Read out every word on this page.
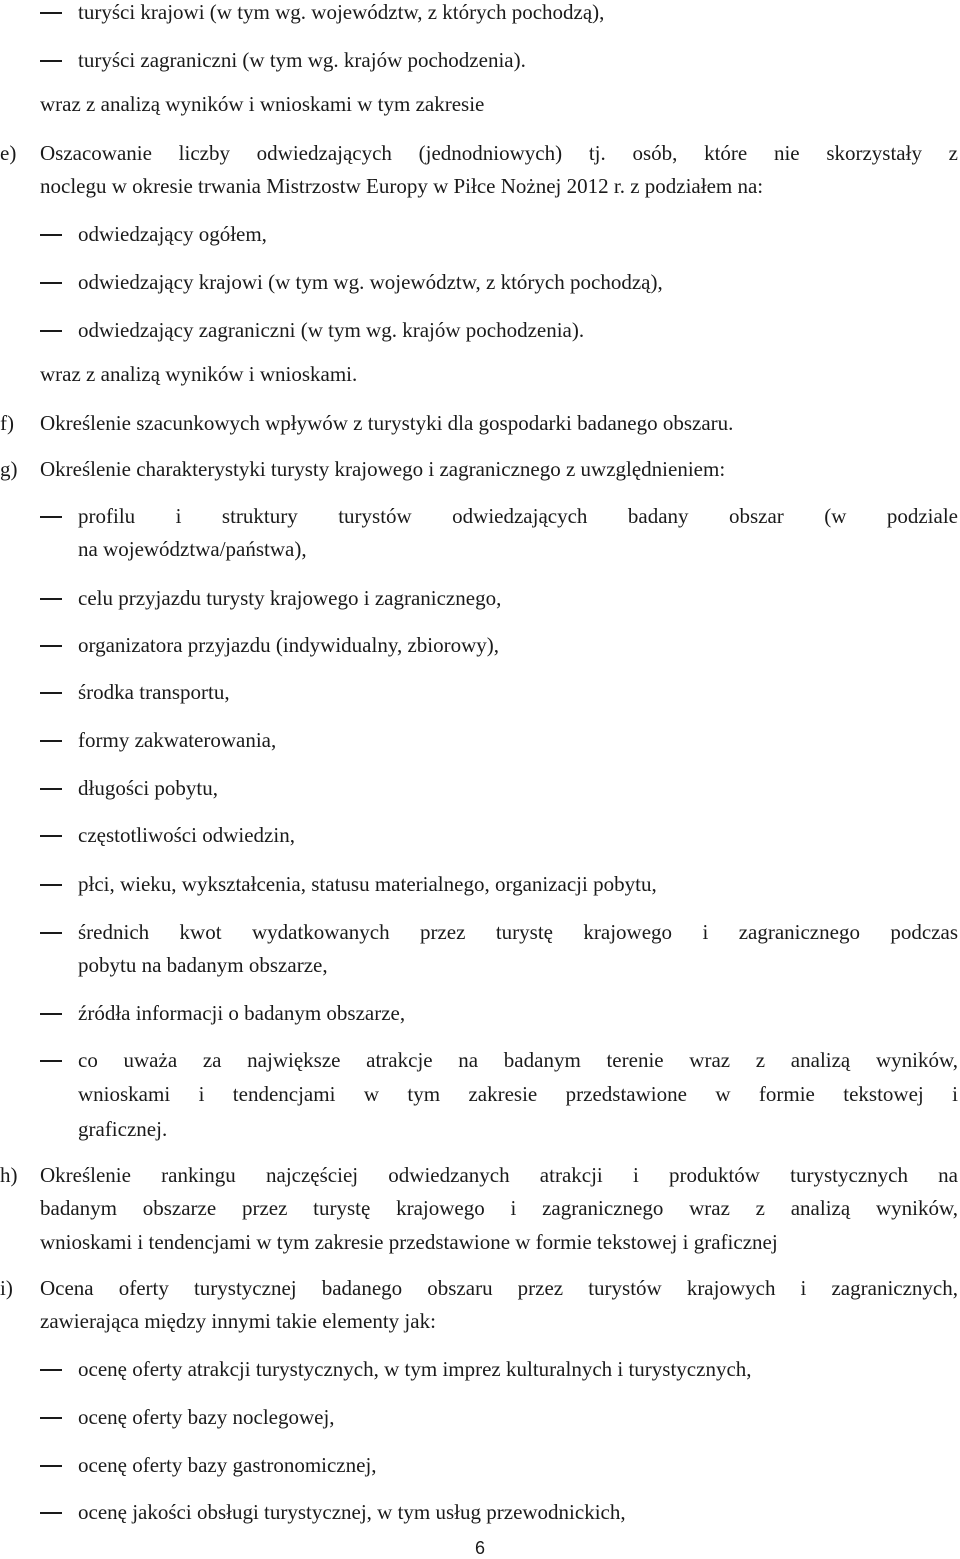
turyści krajowi (w tym wg. województw, z których pochodzą),
turyści zagraniczni (w tym wg. krajów pochodzenia).
wraz z analizą wyników i wnioskami w tym zakresie
e)	Oszacowanie liczby odwiedzających (jednodniowych) tj. osób, które nie skorzystały z
noclegu w okresie trwania Mistrzostw Europy w Piłce Nożnej 2012 r. z podziałem na:
odwiedzający ogółem,
odwiedzający krajowi (w tym wg. województw, z których pochodzą),
odwiedzający zagraniczni (w tym wg. krajów pochodzenia).
wraz z analizą wyników i wnioskami.
f)	Określenie szacunkowych wpływów z turystyki dla gospodarki badanego obszaru.
g)	Określenie charakterystyki turysty krajowego i zagranicznego z uwzględnieniem:
profilu i struktury turystów odwiedzających badany obszar (w podziale
na województwa/państwa),
celu przyjazdu turysty krajowego i zagranicznego,
organizatora przyjazdu (indywidualny, zbiorowy),
środka transportu,
formy zakwaterowania,
długości pobytu,
częstotliwości odwiedzin,
płci, wieku, wykształcenia, statusu materialnego, organizacji pobytu,
średnich kwot wydatkowanych przez turystę krajowego i zagranicznego podczas
pobytu na badanym obszarze,
źródła informacji o badanym obszarze,
co uważa za największe atrakcje na badanym terenie wraz z analizą wyników,
wnioskami i tendencjami w tym zakresie przedstawione w formie tekstowej i
graficznej.
h)	Określenie rankingu najczęściej odwiedzanych atrakcji i produktów turystycznych na
badanym obszarze przez turystę krajowego i zagranicznego wraz z analizą wyników,
wnioskami i tendencjami w tym zakresie przedstawione w formie tekstowej i graficznej
i)	Ocena oferty turystycznej badanego obszaru przez turystów krajowych i zagranicznych,
zawierająca między innymi takie elementy jak:
ocenę oferty atrakcji turystycznych, w tym imprez kulturalnych i turystycznych,
ocenę oferty bazy noclegowej,
ocenę oferty bazy gastronomicznej,
ocenę jakości obsługi turystycznej, w tym usług przewodnickich,
6
